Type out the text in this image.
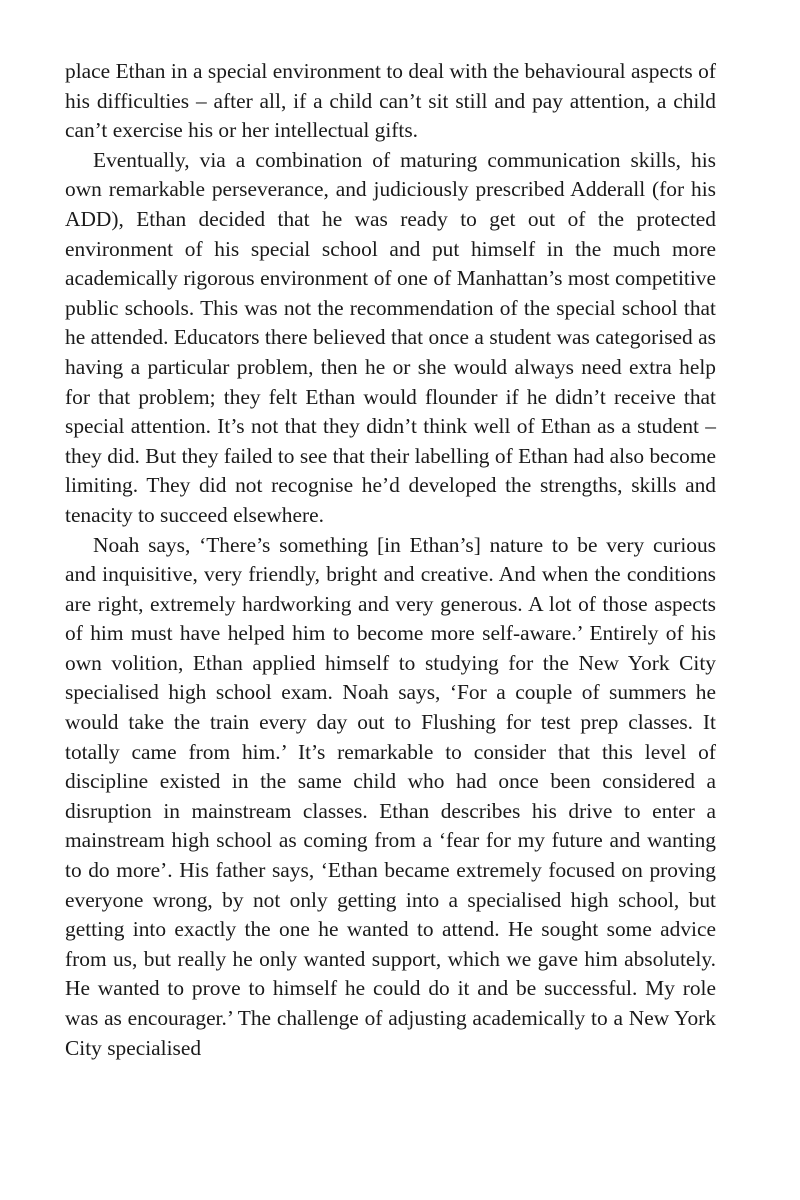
place Ethan in a special environment to deal with the behavioural aspects of his difficulties – after all, if a child can’t sit still and pay attention, a child can’t exercise his or her intellectual gifts.

Eventually, via a combination of maturing communication skills, his own remarkable perseverance, and judiciously prescribed Adderall (for his ADD), Ethan decided that he was ready to get out of the protected environment of his special school and put himself in the much more academically rigorous environment of one of Manhattan’s most competitive public schools. This was not the recommendation of the special school that he attended. Educators there believed that once a student was categorised as having a particular problem, then he or she would always need extra help for that problem; they felt Ethan would flounder if he didn’t receive that special attention. It’s not that they didn’t think well of Ethan as a student – they did. But they failed to see that their labelling of Ethan had also become limiting. They did not recognise he’d developed the strengths, skills and tenacity to succeed elsewhere.

Noah says, ‘There’s something [in Ethan’s] nature to be very curious and inquisitive, very friendly, bright and creative. And when the conditions are right, extremely hardworking and very generous. A lot of those aspects of him must have helped him to become more self-aware.’ Entirely of his own volition, Ethan applied himself to studying for the New York City specialised high school exam. Noah says, ‘For a couple of summers he would take the train every day out to Flushing for test prep classes. It totally came from him.’ It’s remarkable to consider that this level of discipline existed in the same child who had once been considered a disruption in mainstream classes. Ethan describes his drive to enter a mainstream high school as coming from a ‘fear for my future and wanting to do more’. His father says, ‘Ethan became extremely focused on proving everyone wrong, by not only getting into a specialised high school, but getting into exactly the one he wanted to attend. He sought some advice from us, but really he only wanted support, which we gave him absolutely. He wanted to prove to himself he could do it and be successful. My role was as encourager.’ The challenge of adjusting academically to a New York City specialised
